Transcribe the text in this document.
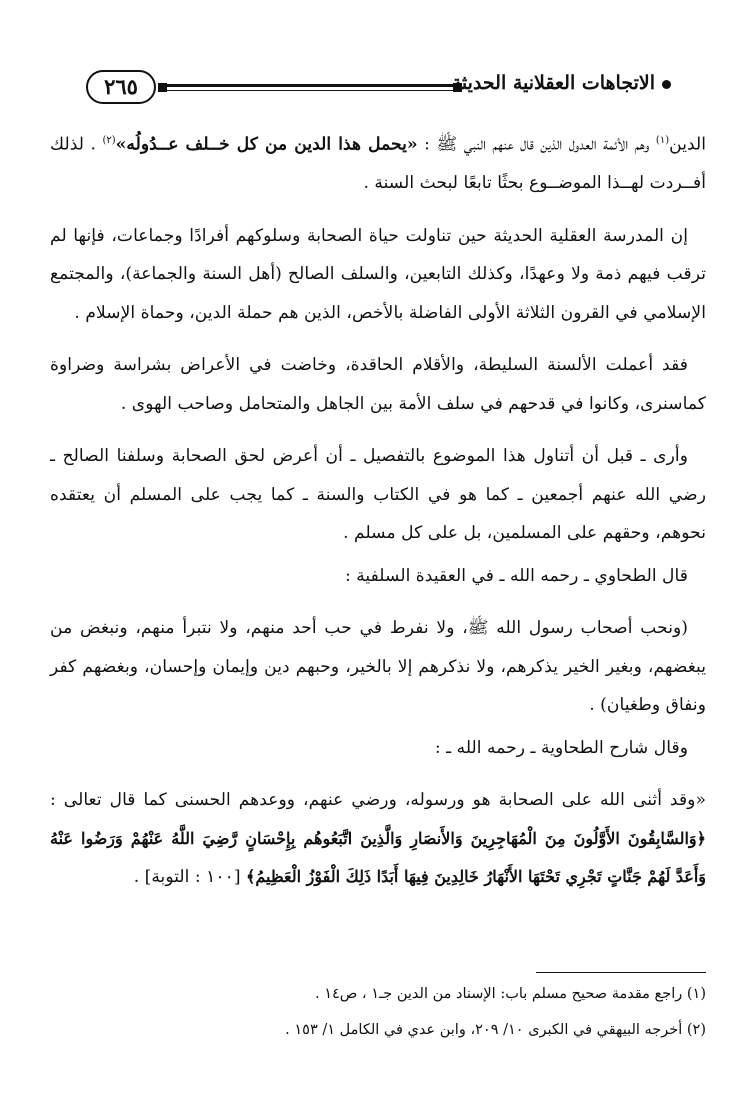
٢٦٥	الاتجاهات العقلانية الحديثة

الدين$^{(١)}$ وهم الأئمة العدول الذين قال عنهم النبي ﷺ : «يحمل هذا الدين من كل خــلف عــدُولُه»$^{(٢)}$ . لذلك أفــردت لهــذا الموضــوع بحثًا تابعًا لبحث السنة .

إن المدرسة العقلية الحديثة حين تناولت حياة الصحابة وسلوكهم أفرادًا وجماعات، فإنها لم ترقب فيهم ذمة ولا وعهدًا، وكذلك التابعين، والسلف الصالح (أهل السنة والجماعة)، والمجتمع الإسلامي في القرون الثلاثة الأولى الفاضلة بالأخص، الذين هم حملة الدين، وحماة الإسلام .

فقد أعملت الألسنة السليطة، والأقلام الحاقدة، وخاضت في الأعراض بشراسة وضراوة كماسنرى، وكانوا في قدحهم في سلف الأمة بين الجاهل والمتحامل وصاحب الهوى .

وأرى ـ قبل أن أتناول هذا الموضوع بالتفصيل ـ أن أعرض لحق الصحابة وسلفنا الصالح ـ رضي الله عنهم أجمعين ـ كما هو في الكتاب والسنة ـ كما يجب على المسلم أن يعتقده نحوهم، وحقهم على المسلمين، بل على كل مسلم .

قال الطحاوي ـ رحمه الله ـ في العقيدة السلفية :

(ونحب أصحاب رسول الله ﷺ، ولا نفرط في حب أحد منهم، ولا نتبرأ منهم، ونبغض من يبغضهم، وبغير الخير يذكرهم، ولا نذكرهم إلا بالخير، وحبهم دين وإيمان وإحسان، وبغضهم كفر ونفاق وطغيان) .

وقال شارح الطحاوية ـ رحمه الله ـ :

«وقد أثنى الله على الصحابة هو ورسوله، ورضي عنهم، ووعدهم الحسنى كما قال تعالى : ﴿وَالسَّابِقُونَ الأَوَّلُونَ مِنَ الْمُهَاجِرِينَ وَالأَنصَارِ وَالَّذِينَ اتَّبَعُوهُم بِإِحْسَانٍ رَّضِيَ اللَّهُ عَنْهُمْ وَرَضُوا عَنْهُ وَأَعَدَّ لَهُمْ جَنَّاتٍ تَجْرِي تَحْتَهَا الأَنْهَارُ خَالِدِينَ فِيهَا أَبَدًا ذَلِكَ الْفَوْزُ الْعَظِيمُ﴾ [١٠٠ : التوبة] .

(١) راجع مقدمة صحيح مسلم باب: الإسناد من الدين جـ١ ، ص١٤ .
(٢) أخرجه البيهقي في الكبرى ١٠/ ٢٠٩، وابن عدي في الكامل ١/ ١٥٣ .
